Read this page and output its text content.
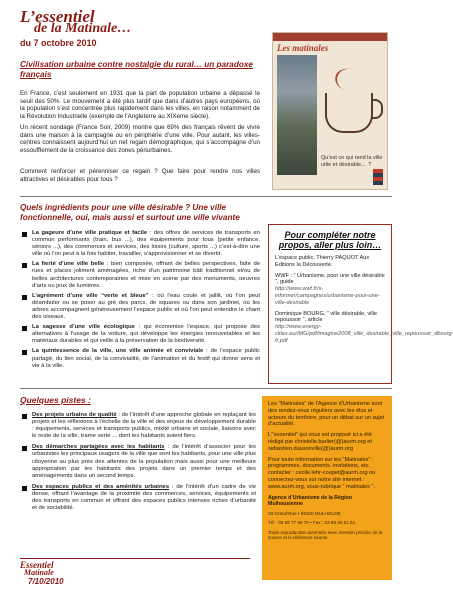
L’essentiel
de la Matinale…
du 7 octobre 2010	Les matinales
Qu’est ce qui rend la ville utile et désirable… ?
Civilisation urbaine contre nostalgie du rural… un paradoxe français

En France, c’est seulement en 1931 que la part de population urbaine a dépassé le seuil des 50%. Le mouvement a été plus tardif que dans d’autres pays européens, où la population s’est concentrée plus rapidement dans les villes, en raison notamment de la Révolution Industrielle (exemple de l’Angleterre au XIXème siècle).

Un récent sondage (France Soir, 2009) montre que 69% des français rêvent de vivre dans une maison à la campagne ou en périphérie d’une ville. Pour autant, les villes-centres connaissent aujourd’hui un net regain démographique, qui s’accompagne d’un essoufflement de la croissance des zones périurbaines.

Comment renforcer et pérenniser ce regain ? Que faire pour rendre nos villes attractives et désirables pour tous ?

Quels ingrédients pour une ville désirable ? Une ville fonctionnelle, oui, mais aussi et surtout une ville vivante
La gageure d’une ville pratique et facile : des offres de services de transports en commun performants (train, bus ...), des équipements pour tous (petite enfance, séniors ...), des commerces et services, des loisirs (culture, sports ...) c’est-à-dire une ville où l’on peut à la fois habiter, travailler, s’approvisionner et se divertir.
La fierté d’une ville belle : bien composée, offrant de belles perspectives, faite de rues et places joliment aménagées, riche d’un patrimoine bâti traditionnel et/ou de belles architectures contemporaines et mise en scène par des monuments, oeuvres d’arts ou jeux de lumières.
L’agrément d’une ville “verte et bleue” : où l’eau coule et jaillit, où l’on peut déambuler ou se poser au gré des parcs, de squares ou dans son jardinet, où les arbres accompagnent généreusement l’espace public et où l’on peut entendre le chant des oiseaux.
La sagesse d’une ville écologique : qui économise l’espace, qui propose des alternatives à l’usage de la voiture, qui développe les énergies renouvelables et les matériaux durables et qui veille à la préservation de la biodiversité.
La quintessence de la ville, une ville animée et conviviale : de l’espace public partagé, du lien social, de la convivialité, de l’animation et du festif qui donne sens et vie à la ville.
Pour compléter notre propos, aller plus loin…

L’espace public, Thierry PAQUOT Aux Editions la Découverte.

WWF : “ Urbanisme, pour une ville désirable ”, guide
http://www.wwf.fr/s-informer/campagnes/urbanisme-pour-une-ville-desirable

Dominique BOURG, “ ville désirable, ville repoussoir ”, article
http://www.energy-cities.eu/IMG/pdf/imagine2008_ville_desirable_ville_repoussoir_dbourg-fr.pdf

Quelques pistes :
Des projets urbains de qualité : de l’intérêt d’une approche globale en replaçant les projets et les réflexions à l’échelle de la ville et des enjeux de développement durable : équipements, services et transports publics, mixité urbaine et sociale, liaisons avec le reste de la ville, trame verte ... dont les habitants soient fiers.
Des démarches partagées avec les habitants : de l’intérêt d’associer pour les urbanistes les principaux usagers de la ville que sont les habitants, pour une ville plus citoyenne au plus près des attentes de la population mais aussi pour une meilleure appropriation par les habitants des projets dans un premier temps et des aménagements dans un second temps.
Des espaces publics et des aménités urbaines : de l’intérêt d’un cadre de vie dense, offrant l’avantage de la proximité des commerces, services, équipements et des transports en commun et offrant des espaces publics intenses riches d’urbanité et de sociabilité.

Les “Matinales” de l’Agence d’Urbanisme sont des rendez-vous réguliers avec les élus et acteurs du territoire, pour un débat sur un sujet d’actualité.

L’“essentiel” qui vous est proposé ici a été rédigé par christelle.barlier(@)aurm.org et sebastien.dassonville(@)aurm.org

Pour toute information sur les “Matinales” : programmes, documents, invitations, etc. contacter : cecile.lehr-coupet@aurm.org ou connectez-vous sur notre site internet : www.aurm.org, sous-rubrique “ matinales ”.

Agence d’Urbanisme de la Région Mulhousienne

33 Grand’Rue • 68100 MULHOUSE

Tél : 03 69 77 60 70 • Fax : 03 89 45 51 51

Toute reproduction autorisée avec mention précise de la source et la référence exacte.

Essentiel
Matinale
7/10/2010
